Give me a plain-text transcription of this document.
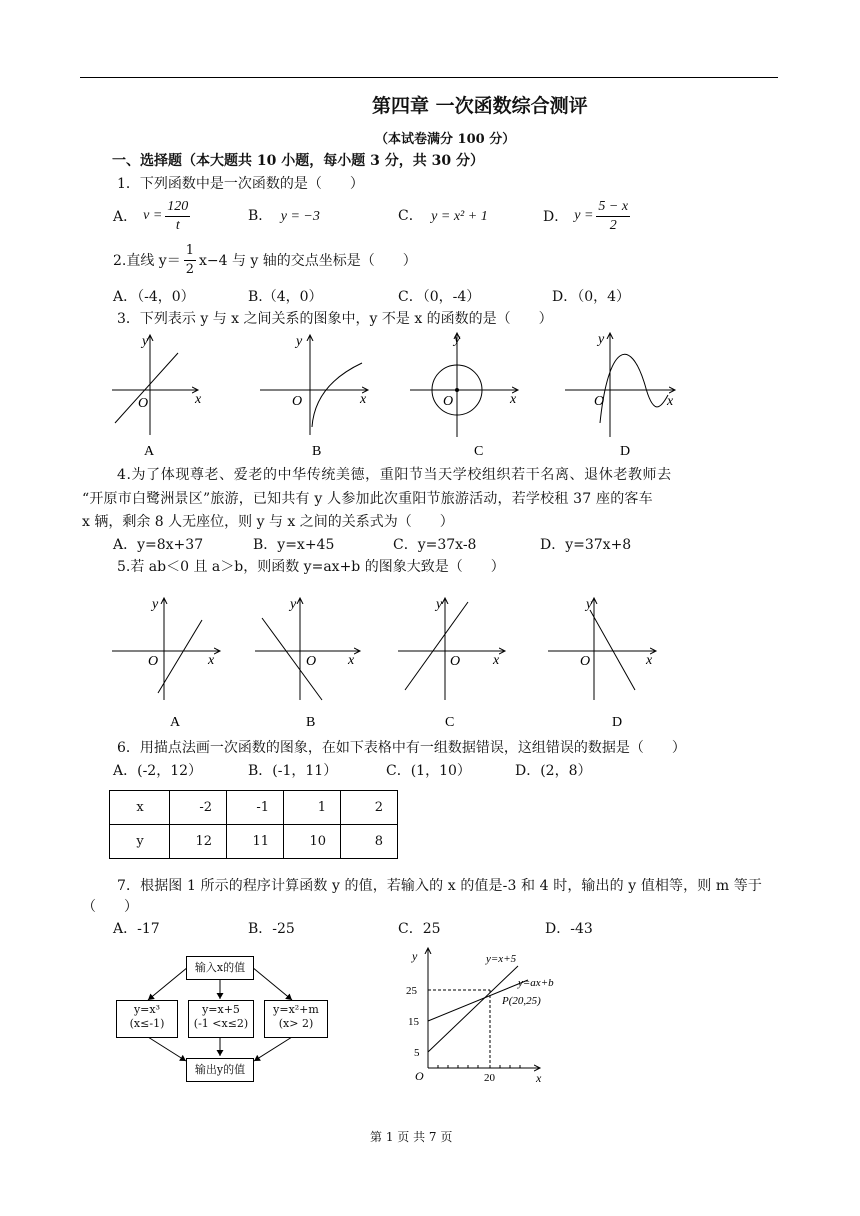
第四章 一次函数综合测评
（本试卷满分 100 分）
一、选择题（本大题共 10 小题，每小题 3 分，共 30 分）
1．下列函数中是一次函数的是（　　）
A． $v = \frac{120}{t}$	B． y = −3	C． y = x² + 1	D． $y = \frac{5 - x}{2}$
2.直线 $y= \frac{1}{2} x-4$ 与 y 轴的交点坐标是（　　）
A．（-4，0）	B.（4，0）	C．（0，-4）	D．（0，4）
3．下列表示 y 与 x 之间关系的图象中，y 不是 x 的函数的是（　　）
y
x
O
A
y
x
O
B
y
x
O
C
y
x
O
D
4.为了体现尊老、爱老的中华传统美德，重阳节当天学校组织若干名离、退休老教师去
“开原市白鹭洲景区”旅游，已知共有 y 人参加此次重阳节旅游活动，若学校租 37 座的客车
x 辆，剩余 8 人无座位，则 y 与 x 之间的关系式为（　　）
A．y=8x+37	B．y=x+45	C．y=37x-8	D．y=37x+8
5.若 ab＜0 且 a＞b，则函数 y=ax+b 的图象大致是（　　）
y
x
O
A
y
x
O
B
y
x
O
C
y
x
O
D
6．用描点法画一次函数的图象，在如下表格中有一组数据错误，这组错误的数据是（　　）
A．(-2，12）	B．(-1，11）	C．(1，10）	D．(2，8）
x	-2	-1	1	2
y	12	11	10	8
7．根据图 1 所示的程序计算函数 y 的值，若输入的 x 的值是-3 和 4 时，输出的 y 值相等，则 m 等于
（　　）
A．-17	B．-25	C．25	D．-43
输入x的值
y=x³
(x≤-1)
y=x+5
(-1 <x≤2)
y=x²+m
(x> 2)
输出y的值
y
x
O
25
15
5
20
y=x+5
y=ax+b
P(20,25)
第 1 页 共 7 页
